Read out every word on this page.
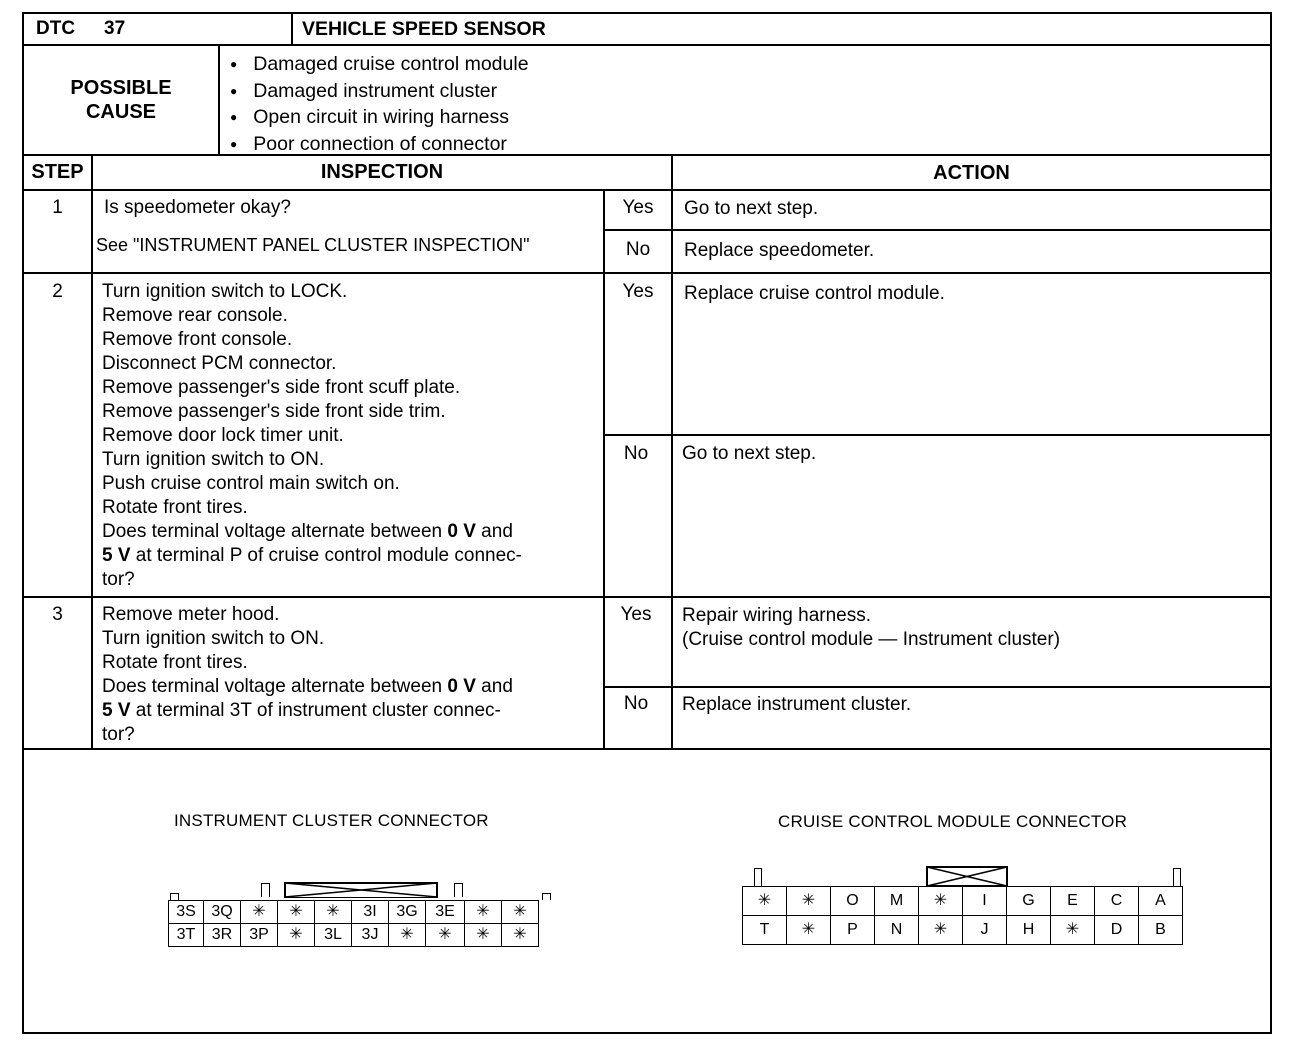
DTC 37	VEHICLE SPEED SENSOR
POSSIBLE
CAUSE
● Damaged cruise control module
● Damaged instrument cluster
● Open circuit in wiring harness
● Poor connection of connector
STEP	INSPECTION	ACTION
1	Is speedometer okay?
See "INSTRUMENT PANEL CLUSTER INSPECTION"
Yes	Go to next step.
No	Replace speedometer.
2	Turn ignition switch to LOCK.
Remove rear console.
Remove front console.
Disconnect PCM connector.
Remove passenger's side front scuff plate.
Remove passenger's side front side trim.
Remove door lock timer unit.
Turn ignition switch to ON.
Push cruise control main switch on.
Rotate front tires.
Does terminal voltage alternate between 0 V and
5 V at terminal P of cruise control module connec-
tor?
Yes	Replace cruise control module.
No	Go to next step.
3	Remove meter hood.
Turn ignition switch to ON.
Rotate front tires.
Does terminal voltage alternate between 0 V and
5 V at terminal 3T of instrument cluster connec-
tor?
Yes	Repair wiring harness.
(Cruise control module — Instrument cluster)
No	Replace instrument cluster.
INSTRUMENT CLUSTER CONNECTOR
3S	3Q	✳	✳	✳	3I	3G	3E	✳	✳
3T	3R	3P	✳	3L	3J	✳	✳	✳	✳
CRUISE CONTROL MODULE CONNECTOR
✳	✳	O	M	✳	I	G	E	C	A
T	✳	P	N	✳	J	H	✳	D	B
